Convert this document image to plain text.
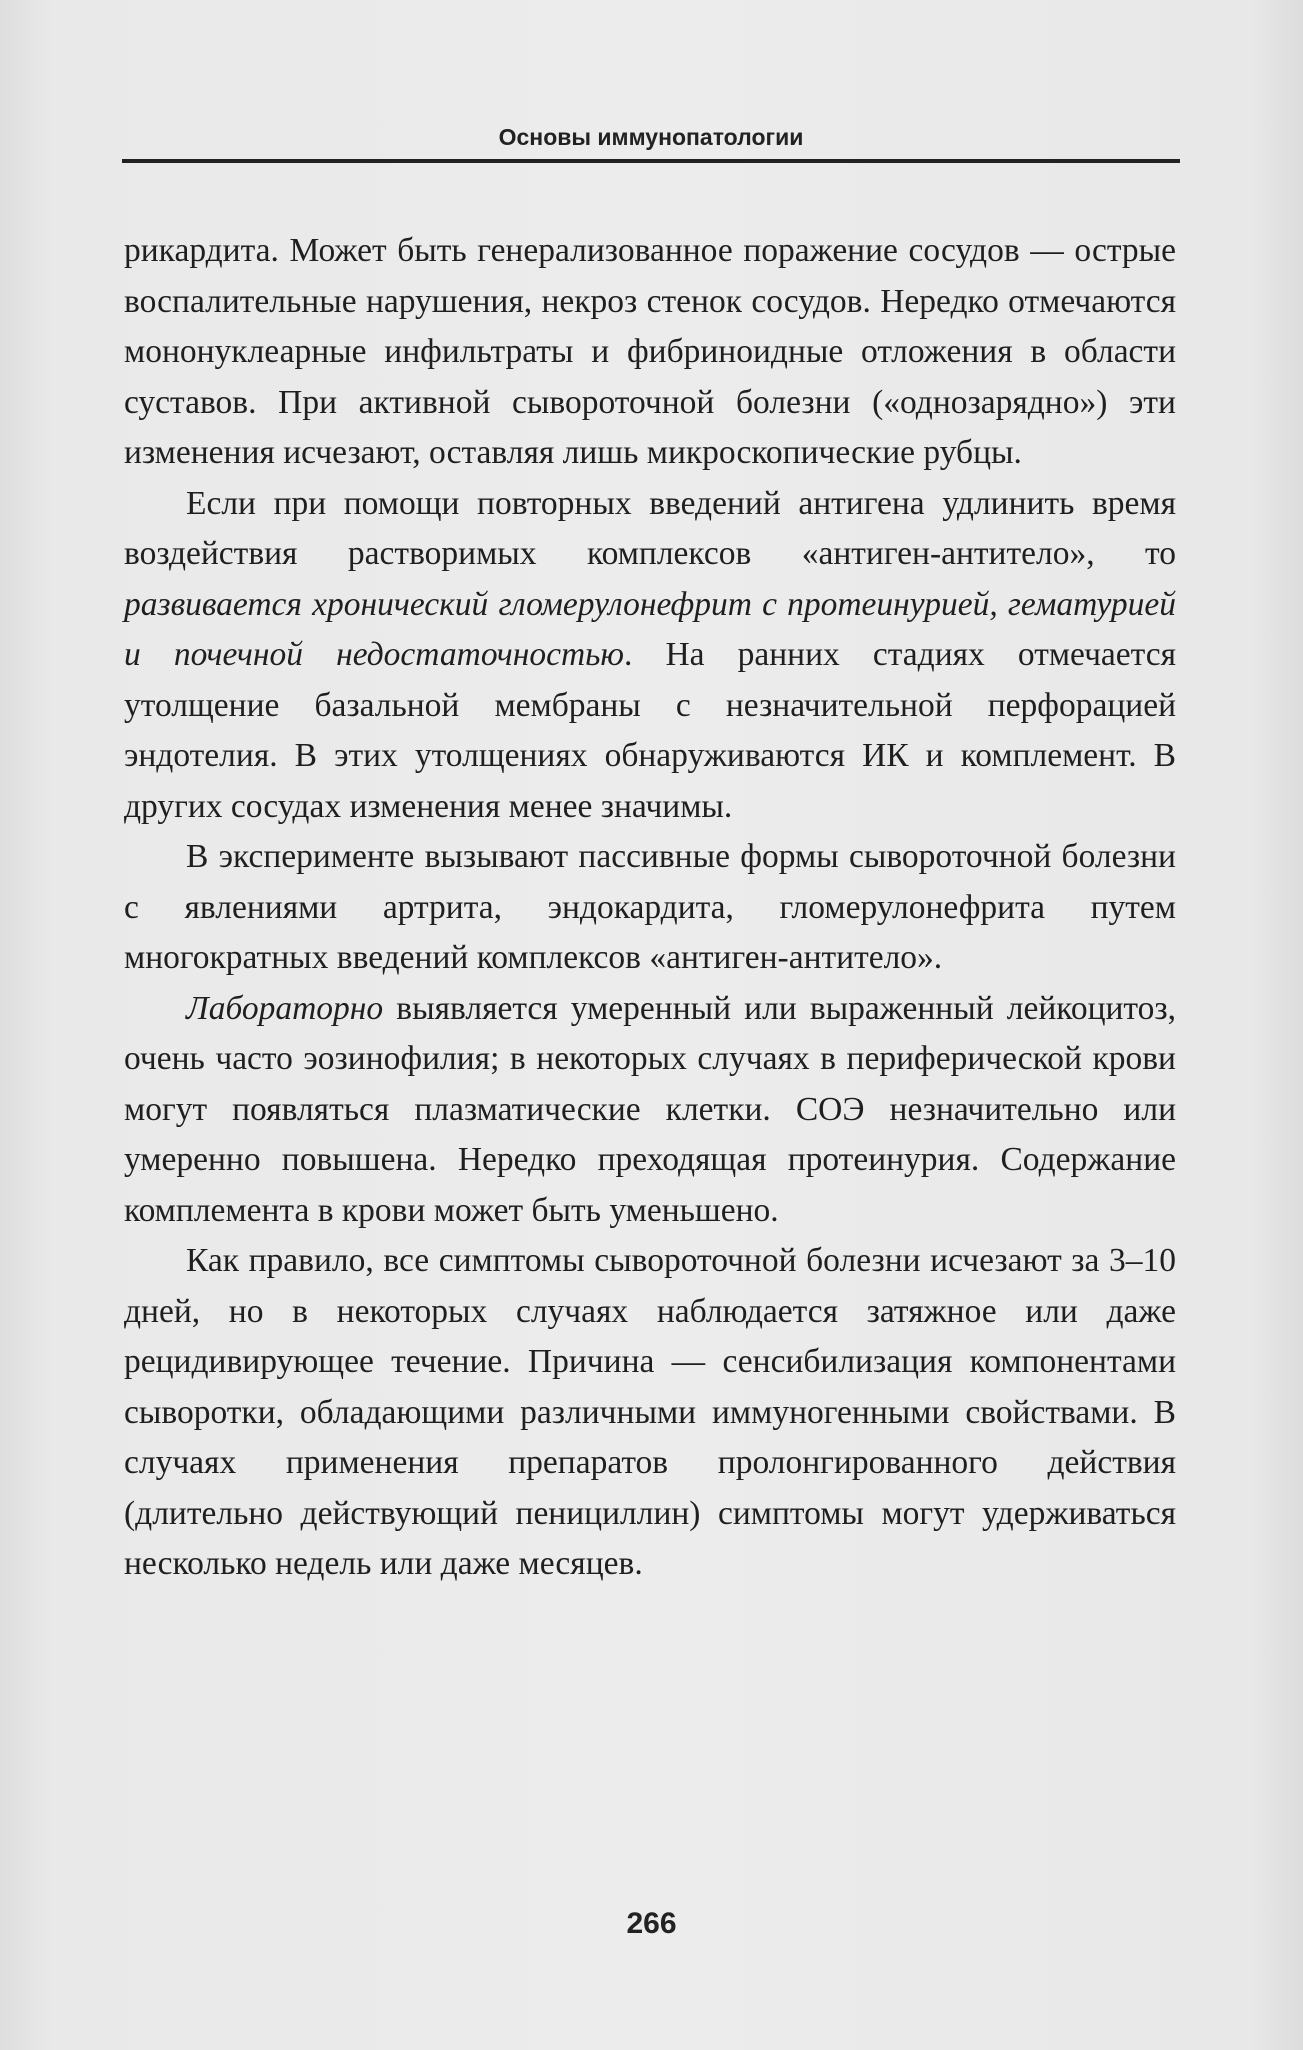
Основы иммунопатологии

рикардита. Может быть генерализованное поражение сосудов — острые воспалительные нарушения, некроз стенок сосудов. Нередко отмечаются мононуклеарные инфильтраты и фибриноидные отложения в области суставов. При активной сывороточной болезни («однозарядно») эти изменения исчезают, оставляя лишь микроскопические рубцы.

Если при помощи повторных введений антигена удлинить время воздействия растворимых комплексов «антиген-антитело», то развивается хронический гломерулонефрит с протеинурией, гематурией и почечной недостаточностью. На ранних стадиях отмечается утолщение базальной мембраны с незначительной перфорацией эндотелия. В этих утолщениях обнаруживаются ИК и комплемент. В других сосудах изменения менее значимы.

В эксперименте вызывают пассивные формы сывороточной болезни с явлениями артрита, эндокардита, гломерулонефрита путем многократных введений комплексов «антиген-антитело».

Лабораторно выявляется умеренный или выраженный лейкоцитоз, очень часто эозинофилия; в некоторых случаях в периферической крови могут появляться плазматические клетки. СОЭ незначительно или умеренно повышена. Нередко преходящая протеинурия. Содержание комплемента в крови может быть уменьшено.

Как правило, все симптомы сывороточной болезни исчезают за 3–10 дней, но в некоторых случаях наблюдается затяжное или даже рецидивирующее течение. Причина — сенсибилизация компонентами сыворотки, обладающими различными иммуногенными свойствами. В случаях применения препаратов пролонгированного действия (длительно действующий пенициллин) симптомы могут удерживаться несколько недель или даже месяцев.

266
